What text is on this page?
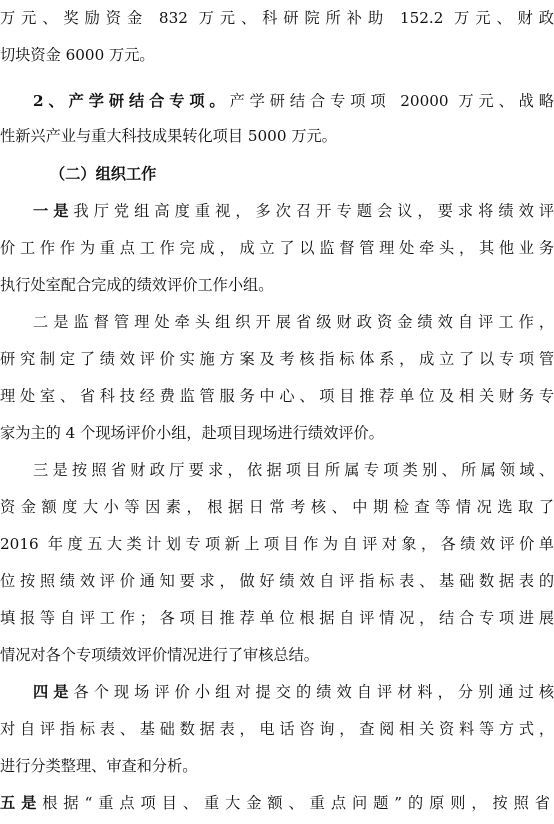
万元、奖励资金 832 万元、科研院所补助 152.2 万元、财政
切块资金 6000 万元。
2、产学研结合专项。产学研结合专项项 20000 万元、战略
性新兴产业与重大科技成果转化项目 5000 万元。
（二）组织工作
一是我厅党组高度重视，多次召开专题会议，要求将绩效评
价工作作为重点工作完成，成立了以监督管理处牵头，其他业务
执行处室配合完成的绩效评价工作小组。
二是监督管理处牵头组织开展省级财政资金绩效自评工作，
研究制定了绩效评价实施方案及考核指标体系，成立了以专项管
理处室、省科技经费监管服务中心、项目推荐单位及相关财务专
家为主的 4 个现场评价小组，赴项目现场进行绩效评价。
三是按照省财政厅要求，依据项目所属专项类别、所属领域、
资金额度大小等因素，根据日常考核、中期检查等情况选取了
2016 年度五大类计划专项新上项目作为自评对象，各绩效评价单
位按照绩效评价通知要求，做好绩效自评指标表、基础数据表的
填报等自评工作；各项目推荐单位根据自评情况，结合专项进展
情况对各个专项绩效评价情况进行了审核总结。
四是各个现场评价小组对提交的绩效自评材料，分别通过核
对自评指标表、基础数据表，电话咨询，查阅相关资料等方式，
进行分类整理、审查和分析。
五是根据“重点项目、重大金额、重点问题”的原则，按照省
